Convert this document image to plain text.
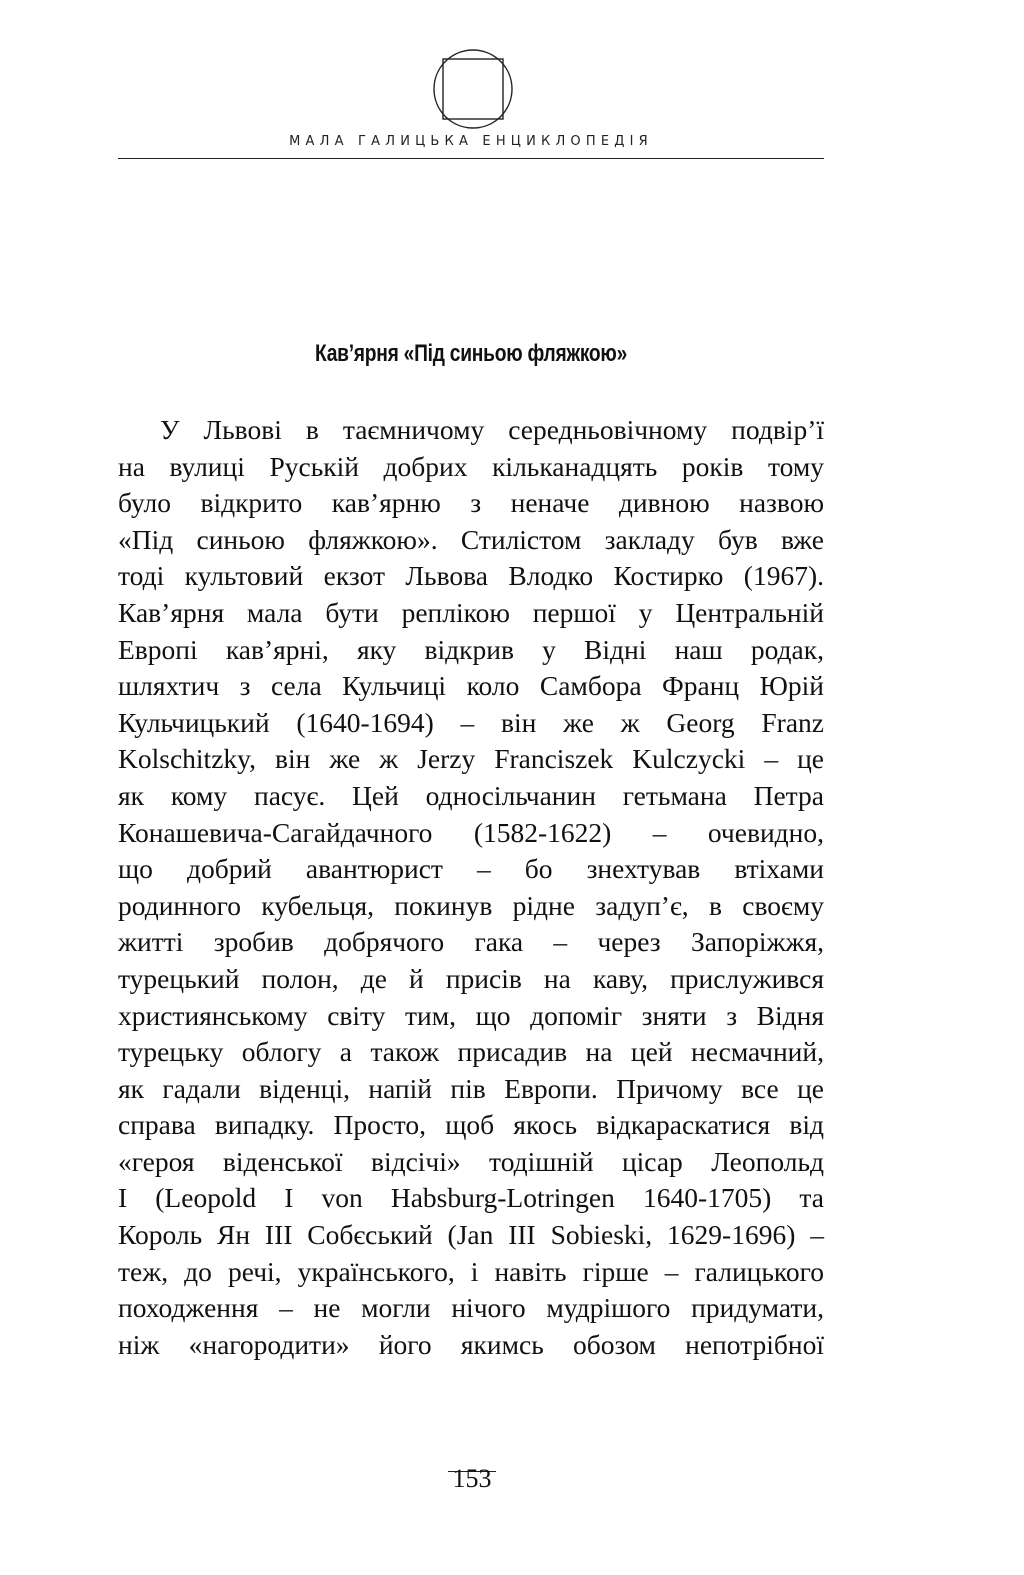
МАЛА ГАЛИЦЬКА ЕНЦИКЛОПЕДІЯ
Кав’ярня «Під синьою фляжкою»
У Львові в таємничому середньовічному подвір’ї
на вулиці Руській добрих кільканадцять років тому
було відкрито кав’ярню з неначе дивною назвою
«Під синьою фляжкою». Стилістом закладу був вже
тоді культовий екзот Львова Влодко Костирко (1967).
Кав’ярня мала бути реплікою першої у Центральній
Европі кав’ярні, яку відкрив у Відні наш родак,
шляхтич з села Кульчиці коло Самбора Франц Юрій
Кульчицький (1640-1694) – він же ж Georg Franz
Kolschitzky, він же ж Jerzy Franciszek Kulczycki – це
як кому пасує. Цей односільчанин гетьмана Петра
Конашевича-Сагайдачного (1582-1622) – очевидно,
що добрий авантюрист – бо знехтував втіхами
родинного кубельця, покинув рідне задуп’є, в своєму
житті зробив добрячого гака – через Запоріжжя,
турецький полон, де й присів на каву, прислужився
християнському світу тим, що допоміг зняти з Відня
турецьку облогу а також присадив на цей несмачний,
як гадали віденці, напій пів Европи. Причому все це
справа випадку. Просто, щоб якось відкараскатися від
«героя віденської відсічі» тодішній цісар Леопольд
I (Leopold I von Habsburg-Lotringen 1640-1705) та
Король Ян ІІІ Собєський (Jan III Sobieski, 1629-1696) –
теж, до речі, українського, і навіть гірше – галицького
походження – не могли нічого мудрішого придумати,
ніж «нагородити» його якимсь обозом непотрібної
153
